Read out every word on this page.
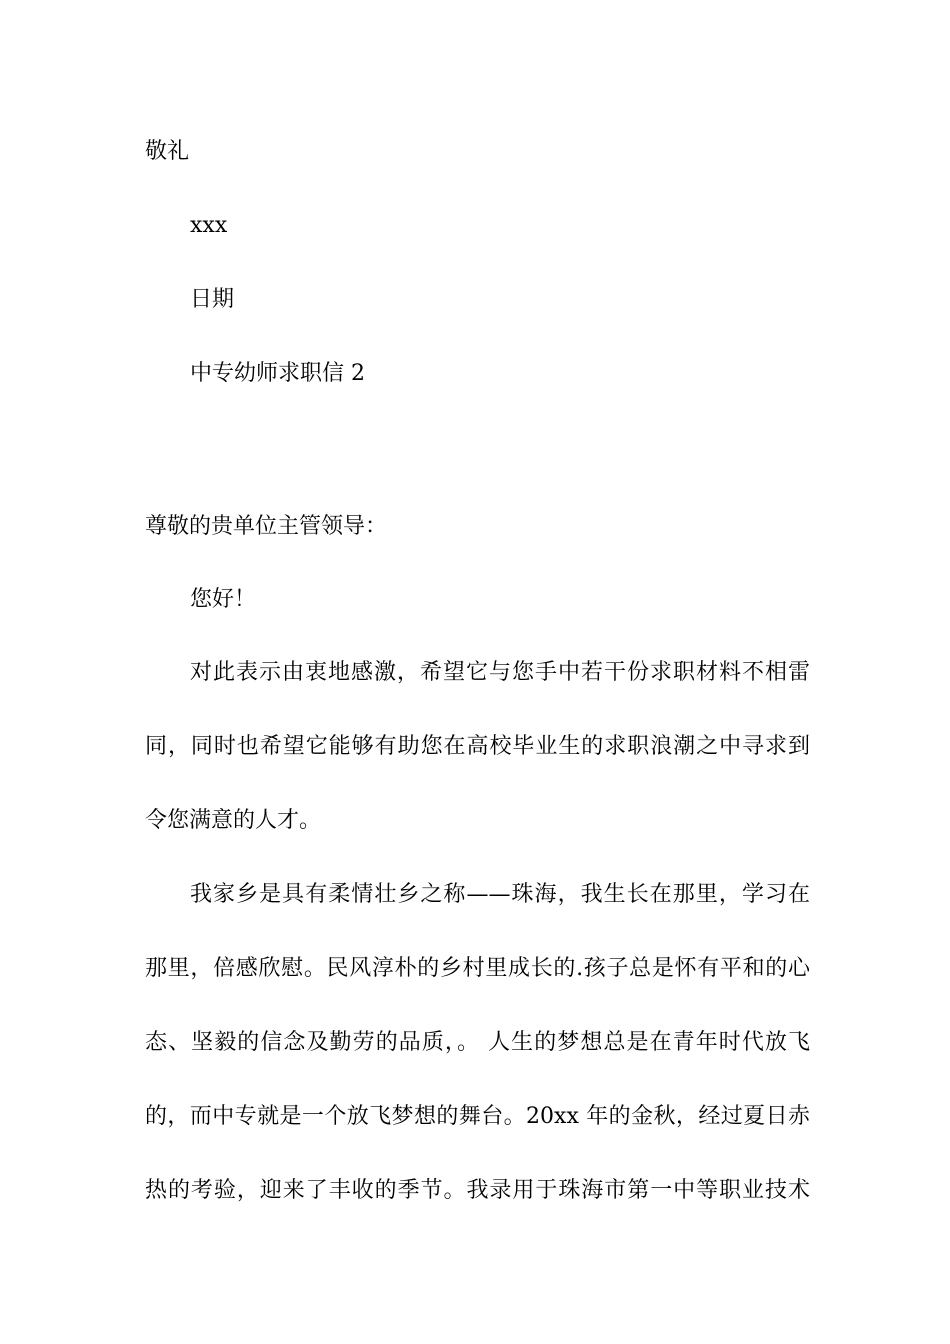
敬礼
xxx
日期
中专幼师求职信 2
尊敬的贵单位主管领导：
您好！
对此表示由衷地感激，希望它与您手中若干份求职材料不相雷
同，同时也希望它能够有助您在高校毕业生的求职浪潮之中寻求到
令您满意的人才。
我家乡是具有柔情壮乡之称——珠海，我生长在那里，学习在
那里，倍感欣慰。民风淳朴的乡村里成长的.孩子总是怀有平和的心
态、坚毅的信念及勤劳的品质，。 人生的梦想总是在青年时代放飞
的，而中专就是一个放飞梦想的舞台。20xx 年的金秋，经过夏日赤
热的考验，迎来了丰收的季节。我录用于珠海市第一中等职业技术
